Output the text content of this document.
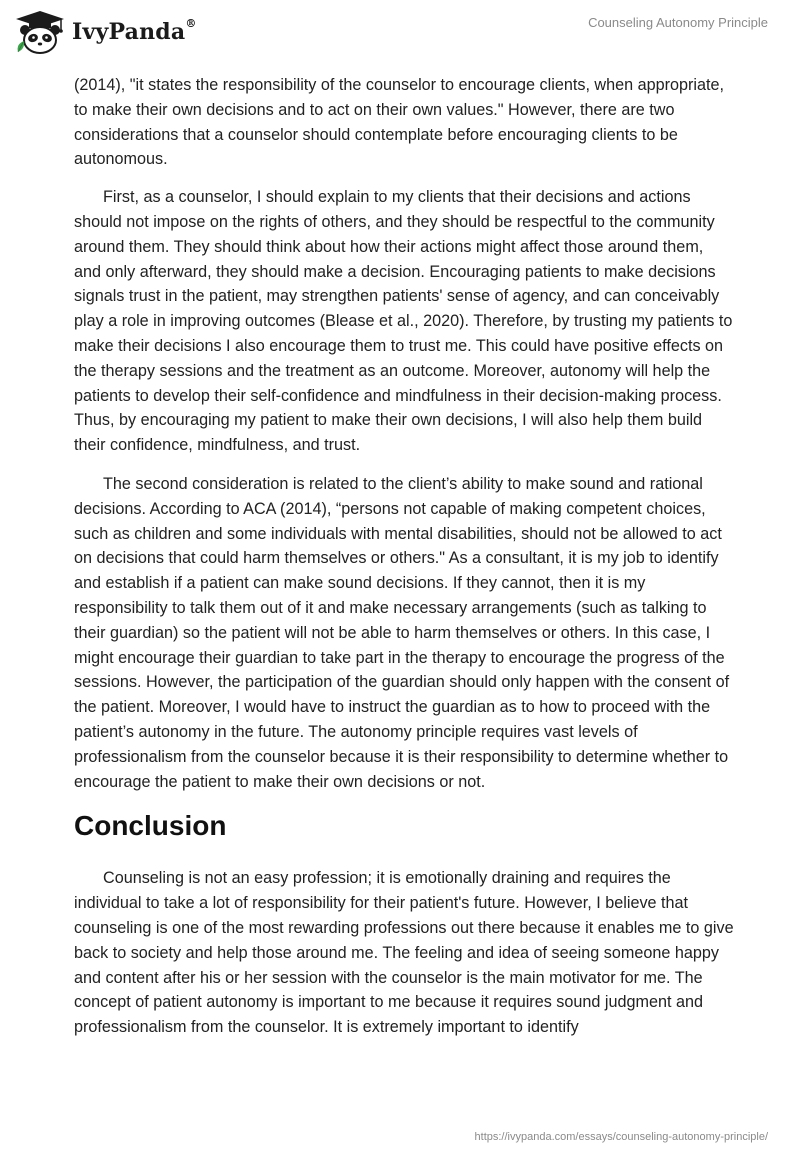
IvyPanda®	Counseling Autonomy Principle

(2014), "it states the responsibility of the counselor to encourage clients, when appropriate, to make their own decisions and to act on their own values." However, there are two considerations that a counselor should contemplate before encouraging clients to be autonomous.

First, as a counselor, I should explain to my clients that their decisions and actions should not impose on the rights of others, and they should be respectful to the community around them. They should think about how their actions might affect those around them, and only afterward, they should make a decision. Encouraging patients to make decisions signals trust in the patient, may strengthen patients' sense of agency, and can conceivably play a role in improving outcomes (Blease et al., 2020). Therefore, by trusting my patients to make their decisions I also encourage them to trust me. This could have positive effects on the therapy sessions and the treatment as an outcome. Moreover, autonomy will help the patients to develop their self-confidence and mindfulness in their decision-making process. Thus, by encouraging my patient to make their own decisions, I will also help them build their confidence, mindfulness, and trust.

The second consideration is related to the client’s ability to make sound and rational decisions. According to ACA (2014), “persons not capable of making competent choices, such as children and some individuals with mental disabilities, should not be allowed to act on decisions that could harm themselves or others." As a consultant, it is my job to identify and establish if a patient can make sound decisions. If they cannot, then it is my responsibility to talk them out of it and make necessary arrangements (such as talking to their guardian) so the patient will not be able to harm themselves or others. In this case, I might encourage their guardian to take part in the therapy to encourage the progress of the sessions. However, the participation of the guardian should only happen with the consent of the patient. Moreover, I would have to instruct the guardian as to how to proceed with the patient’s autonomy in the future. The autonomy principle requires vast levels of professionalism from the counselor because it is their responsibility to determine whether to encourage the patient to make their own decisions or not.

Conclusion

Counseling is not an easy profession; it is emotionally draining and requires the individual to take a lot of responsibility for their patient's future. However, I believe that counseling is one of the most rewarding professions out there because it enables me to give back to society and help those around me. The feeling and idea of seeing someone happy and content after his or her session with the counselor is the main motivator for me. The concept of patient autonomy is important to me because it requires sound judgment and professionalism from the counselor. It is extremely important to identify

https://ivypanda.com/essays/counseling-autonomy-principle/
